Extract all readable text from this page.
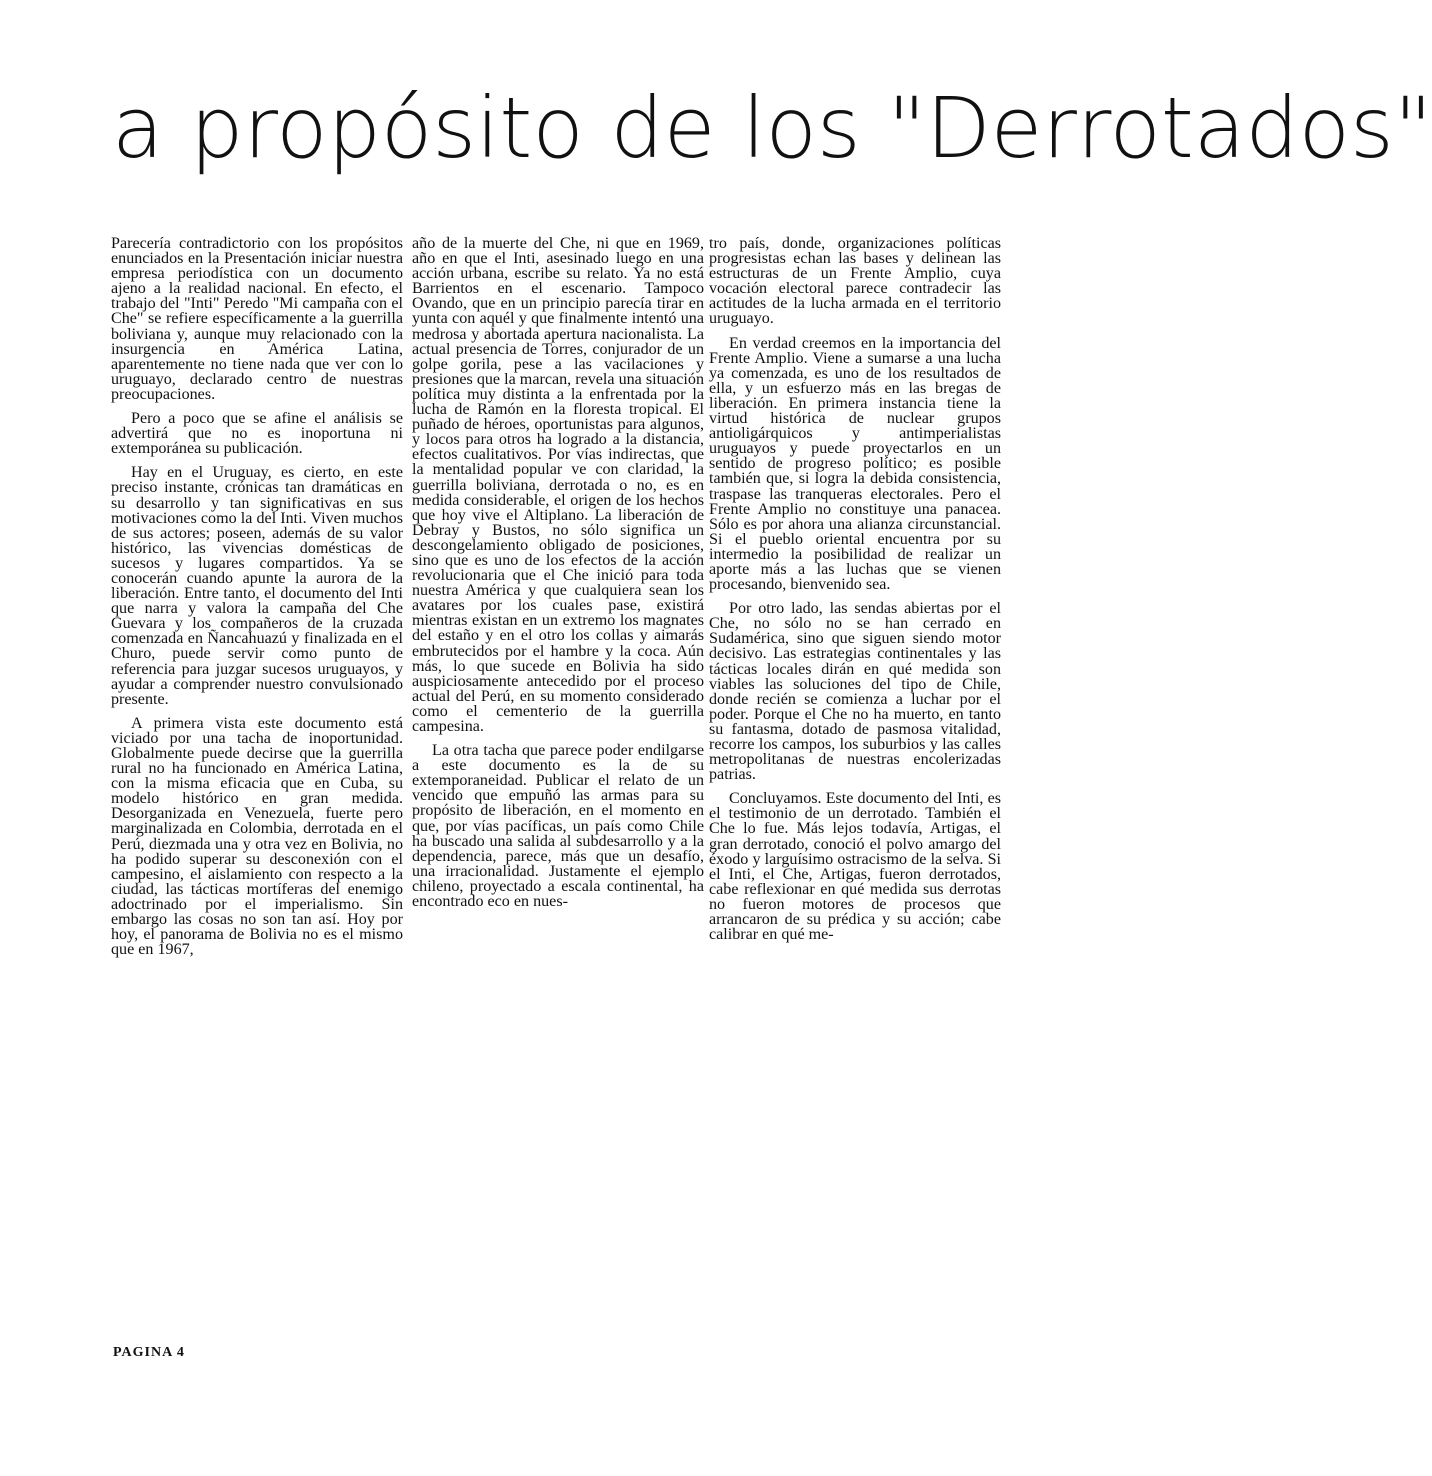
a propósito de los "Derrotados"

Parecería contradictorio con los propósitos enunciados en la Presentación iniciar nuestra empresa periodística con un documento ajeno a la realidad nacional. En efecto, el trabajo del "Inti" Peredo "Mi campaña con el Che" se refiere específicamente a la guerrilla boliviana y, aunque muy relacionado con la insurgencia en América Latina, aparentemente no tiene nada que ver con lo uruguayo, declarado centro de nuestras preocupaciones.

Pero a poco que se afine el análisis se advertirá que no es inoportuna ni extemporánea su publicación.

Hay en el Uruguay, es cierto, en este preciso instante, crónicas tan dramáticas en su desarrollo y tan significativas en sus motivaciones como la del Inti. Viven muchos de sus actores; poseen, además de su valor histórico, las vivencias domésticas de sucesos y lugares compartidos. Ya se conocerán cuando apunte la aurora de la liberación. Entre tanto, el documento del Inti que narra y valora la campaña del Che Guevara y los compañeros de la cruzada comenzada en Ñancahuazú y finalizada en el Churo, puede servir como punto de referencia para juzgar sucesos uruguayos, y ayudar a comprender nuestro convulsionado presente.

A primera vista este documento está viciado por una tacha de inoportunidad. Globalmente puede decirse que la guerrilla rural no ha funcionado en América Latina, con la misma eficacia que en Cuba, su modelo histórico en gran medida. Desorganizada en Venezuela, fuerte pero marginalizada en Colombia, derrotada en el Perú, diezmada una y otra vez en Bolivia, no ha podido superar su desconexión con el campesino, el aislamiento con respecto a la ciudad, las tácticas mortíferas del enemigo adoctrinado por el imperialismo. Sin embargo las cosas no son tan así. Hoy por hoy, el panorama de Bolivia no es el mismo que en 1967,

año de la muerte del Che, ni que en 1969, año en que el Inti, asesinado luego en una acción urbana, escribe su relato. Ya no está Barrientos en el escenario. Tampoco Ovando, que en un principio parecía tirar en yunta con aquél y que finalmente intentó una medrosa y abortada apertura nacionalista. La actual presencia de Torres, conjurador de un golpe gorila, pese a las vacilaciones y presiones que la marcan, revela una situación política muy distinta a la enfrentada por la lucha de Ramón en la floresta tropical. El puñado de héroes, oportunistas para algunos, y locos para otros ha logrado a la distancia, efectos cualitativos. Por vías indirectas, que la mentalidad popular ve con claridad, la guerrilla boliviana, derrotada o no, es en medida considerable, el origen de los hechos que hoy vive el Altiplano. La liberación de Debray y Bustos, no sólo significa un descongelamiento obligado de posiciones, sino que es uno de los efectos de la acción revolucionaria que el Che inició para toda nuestra América y que cualquiera sean los avatares por los cuales pase, existirá mientras existan en un extremo los magnates del estaño y en el otro los collas y aimarás embrutecidos por el hambre y la coca. Aún más, lo que sucede en Bolivia ha sido auspiciosamente antecedido por el proceso actual del Perú, en su momento considerado como el cementerio de la guerrilla campesina.

La otra tacha que parece poder endilgarse a este documento es la de su extemporaneidad. Publicar el relato de un vencido que empuñó las armas para su propósito de liberación, en el momento en que, por vías pacíficas, un país como Chile ha buscado una salida al subdesarrollo y a la dependencia, parece, más que un desafío, una irracionalidad. Justamente el ejemplo chileno, proyectado a escala continental, ha encontrado eco en nues-

tro país, donde, organizaciones políticas progresistas echan las bases y delinean las estructuras de un Frente Amplio, cuya vocación electoral parece contradecir las actitudes de la lucha armada en el territorio uruguayo.

En verdad creemos en la importancia del Frente Amplio. Viene a sumarse a una lucha ya comenzada, es uno de los resultados de ella, y un esfuerzo más en las bregas de liberación. En primera instancia tiene la virtud histórica de nuclear grupos antioligárquicos y antimperialistas uruguayos y puede proyectarlos en un sentido de progreso político; es posible también que, si logra la debida consistencia, traspase las tranqueras electorales. Pero el Frente Amplio no constituye una panacea. Sólo es por ahora una alianza circunstancial. Si el pueblo oriental encuentra por su intermedio la posibilidad de realizar un aporte más a las luchas que se vienen procesando, bienvenido sea.

Por otro lado, las sendas abiertas por el Che, no sólo no se han cerrado en Sudamérica, sino que siguen siendo motor decisivo. Las estrategias continentales y las tácticas locales dirán en qué medida son viables las soluciones del tipo de Chile, donde recién se comienza a luchar por el poder. Porque el Che no ha muerto, en tanto su fantasma, dotado de pasmosa vitalidad, recorre los campos, los suburbios y las calles metropolitanas de nuestras encolerizadas patrias.

Concluyamos. Este documento del Inti, es el testimonio de un derrotado. También el Che lo fue. Más lejos todavía, Artigas, el gran derrotado, conoció el polvo amargo del éxodo y larguísimo ostracismo de la selva. Si el Inti, el Che, Artigas, fueron derrotados, cabe reflexionar en qué medida sus derrotas no fueron motores de procesos que arrancaron de su prédica y su acción; cabe calibrar en qué me-

PAGINA 4
